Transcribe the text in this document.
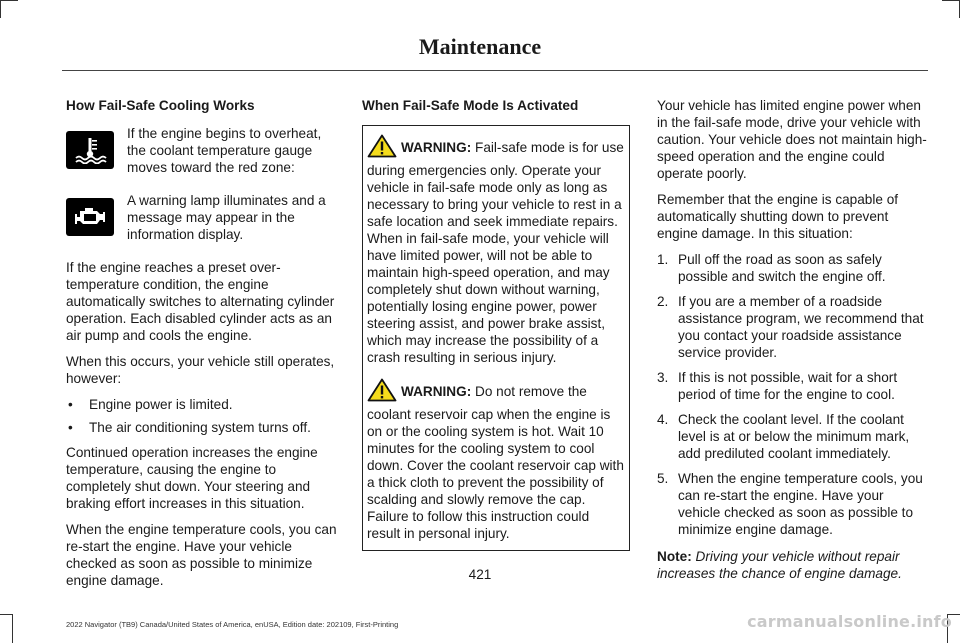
Maintenance
How Fail-Safe Cooling Works
If the engine begins to overheat, the coolant temperature gauge moves toward the red zone:
A warning lamp illuminates and a message may appear in the information display.

If the engine reaches a preset over-temperature condition, the engine automatically switches to alternating cylinder operation. Each disabled cylinder acts as an air pump and cools the engine.

When this occurs, your vehicle still operates, however:

• Engine power is limited.
• The air conditioning system turns off.

Continued operation increases the engine temperature, causing the engine to completely shut down. Your steering and braking effort increases in this situation.

When the engine temperature cools, you can re-start the engine. Have your vehicle checked as soon as possible to minimize engine damage.

When Fail-Safe Mode Is Activated

WARNING: Fail-safe mode is for use during emergencies only. Operate your vehicle in fail-safe mode only as long as necessary to bring your vehicle to rest in a safe location and seek immediate repairs. When in fail-safe mode, your vehicle will have limited power, will not be able to maintain high-speed operation, and may completely shut down without warning, potentially losing engine power, power steering assist, and power brake assist, which may increase the possibility of a crash resulting in serious injury.

WARNING: Do not remove the coolant reservoir cap when the engine is on or the cooling system is hot. Wait 10 minutes for the cooling system to cool down. Cover the coolant reservoir cap with a thick cloth to prevent the possibility of scalding and slowly remove the cap. Failure to follow this instruction could result in personal injury.

Your vehicle has limited engine power when in the fail-safe mode, drive your vehicle with caution. Your vehicle does not maintain high-speed operation and the engine could operate poorly.

Remember that the engine is capable of automatically shutting down to prevent engine damage. In this situation:

1. Pull off the road as soon as safely possible and switch the engine off.
2. If you are a member of a roadside assistance program, we recommend that you contact your roadside assistance service provider.
3. If this is not possible, wait for a short period of time for the engine to cool.
4. Check the coolant level. If the coolant level is at or below the minimum mark, add prediluted coolant immediately.
5. When the engine temperature cools, you can re-start the engine. Have your vehicle checked as soon as possible to minimize engine damage.

Note: Driving your vehicle without repair increases the chance of engine damage.

421
2022 Navigator (TB9) Canada/United States of America, enUSA, Edition date: 202109, First-Printing	carmanualsonline.info
